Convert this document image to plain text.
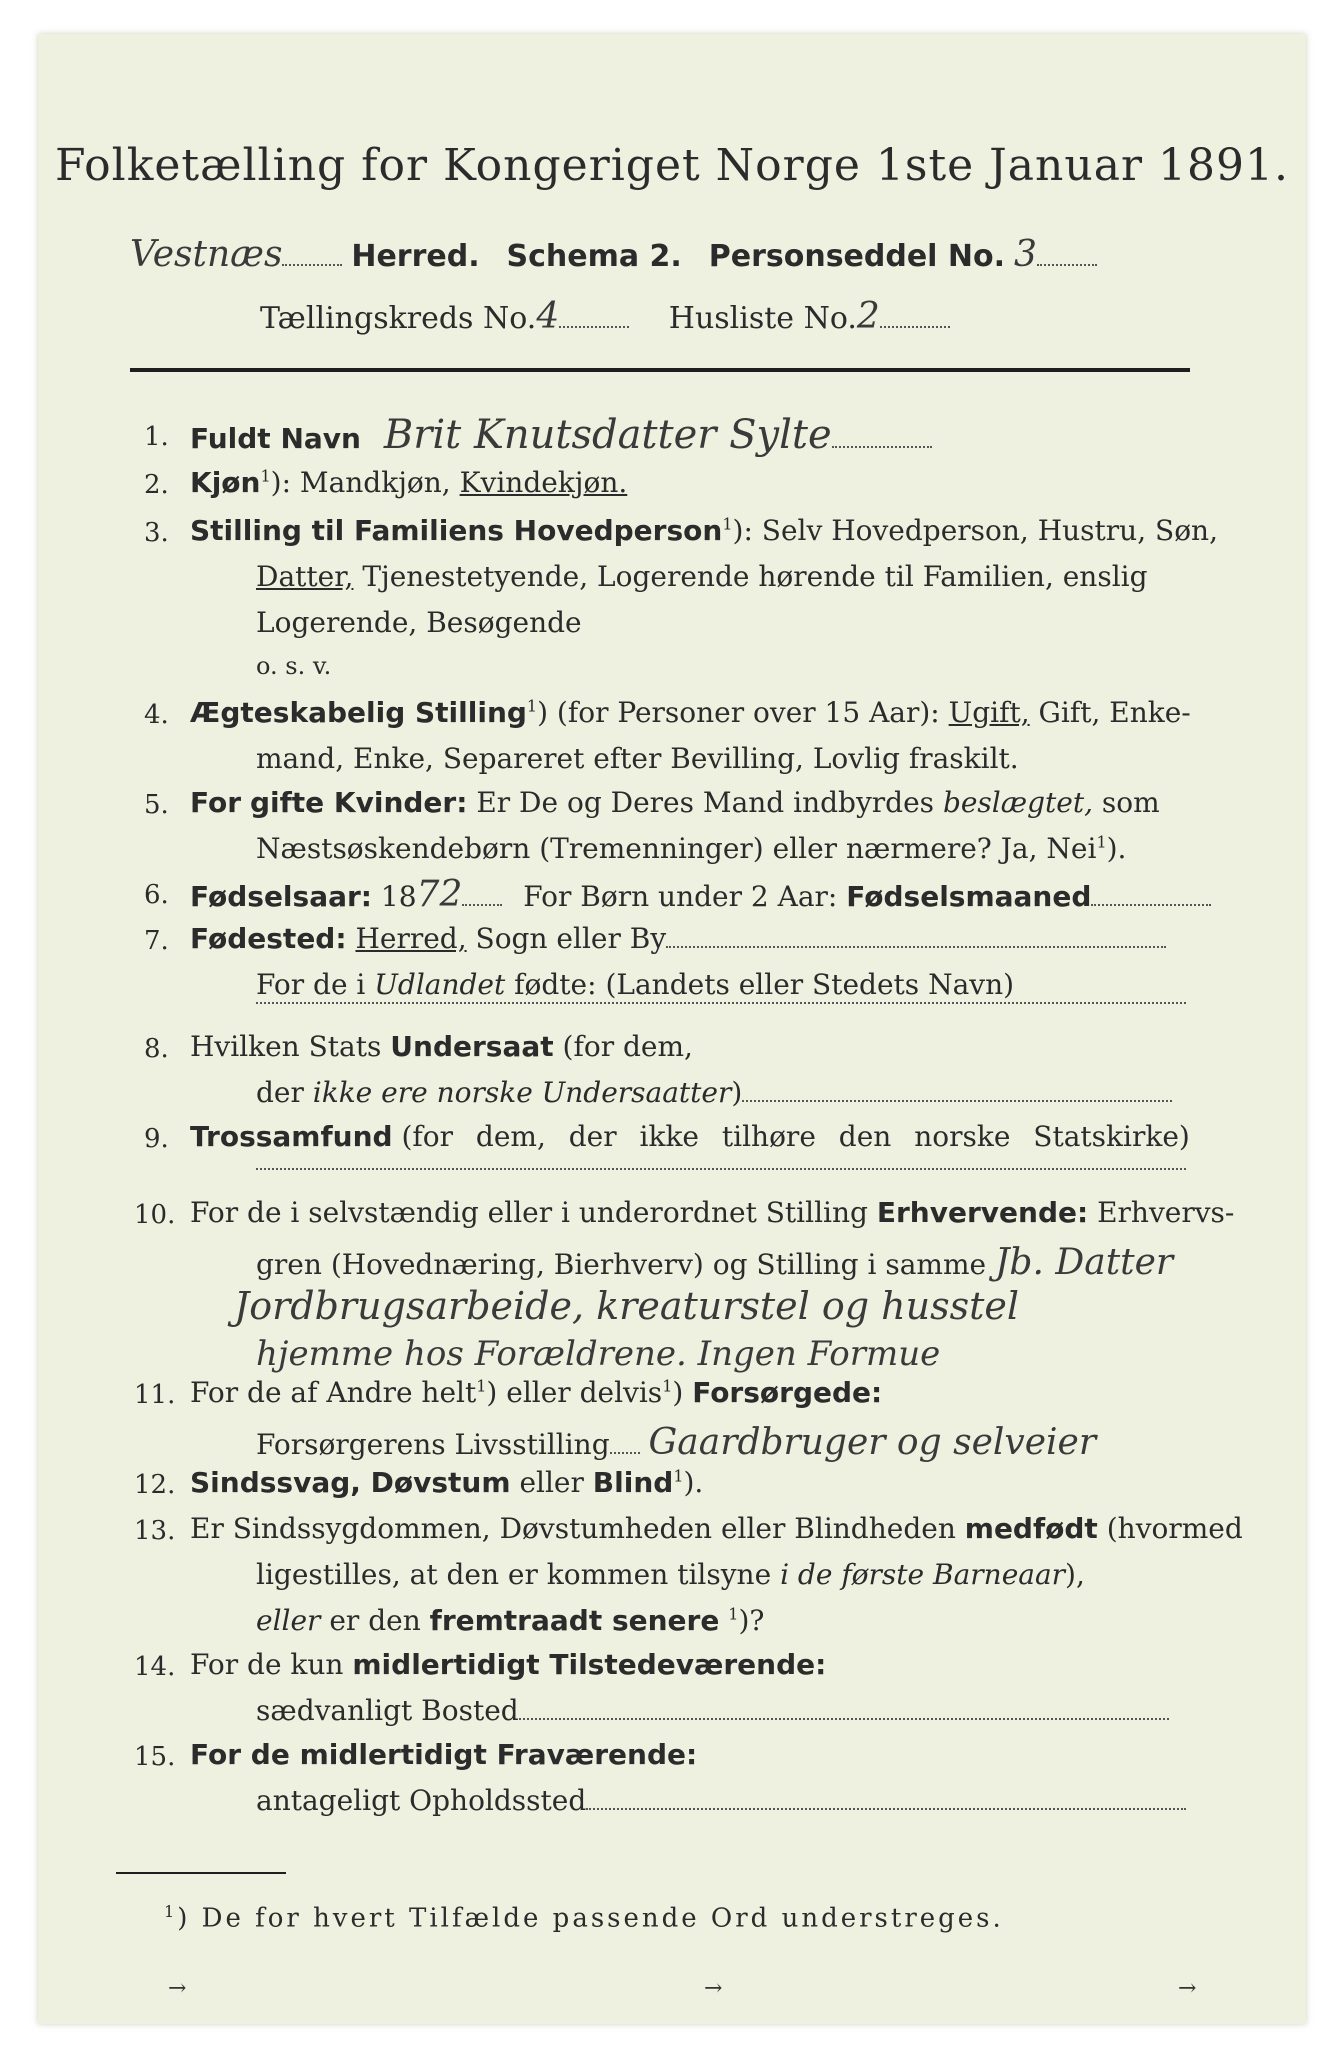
Folketælling for Kongeriget Norge 1ste Januar 1891.
Vestnæs Herred. Schema 2. Personseddel No. 3
Tællingskreds No.4	Husliste No.2
1. Fuldt Navn Brit Knutsdatter Sylte
2. Kjøn$^1$): Mandkjøn, Kvindekjøn.
3. Stilling til Familiens Hovedperson$^1$): Selv Hovedperson, Hustru, Søn,
Datter, Tjenestetyende, Logerende hørende til Familien, enslig
Logerende, Besøgende
o. s. v.
4. Ægteskabelig Stilling$^1$) (for Personer over 15 Aar): Ugift, Gift, Enke-
mand, Enke, Separeret efter Bevilling, Lovlig fraskilt.
5. For gifte Kvinder: Er De og Deres Mand indbyrdes beslægtet, som
Næstsøskendebørn (Tremenninger) eller nærmere? Ja, Nei$^1$).
6. Fødselsaar: 1872 For Børn under 2 Aar: Fødselsmaaned
7. Fødested: Herred, Sogn eller By
For de i Udlandet fødte: (Landets eller Stedets Navn)
8. Hvilken Stats Undersaat (for dem,
der ikke ere norske Undersaatter)
9. Trossamfund (for dem, der ikke tilhøre den norske Statskirke)
10. For de i selvstændig eller i underordnet Stilling Erhvervende: Erhvervs-
gren (Hovednæring, Bierhverv) og Stilling i samme Jb. Datter
Jordbrugsarbeide, kreaturstel og husstel
hjemme hos Forældrene. Ingen Formue
11. For de af Andre helt$^1$) eller delvis$^1$) Forsørgede:
Forsørgerens Livsstilling Gaardbruger og selveier
12. Sindssvag, Døvstum eller Blind$^1$).
13. Er Sindssygdommen, Døvstumheden eller Blindheden medfødt (hvormed
ligestilles, at den er kommen tilsyne i de første Barneaar),
eller er den fremtraadt senere $^1$)?
14. For de kun midlertidigt Tilstedeværende:
sædvanligt Bosted
15. For de midlertidigt Fraværende:
antageligt Opholdssted
$^1$) De for hvert Tilfælde passende Ord understreges.
→	→	→
